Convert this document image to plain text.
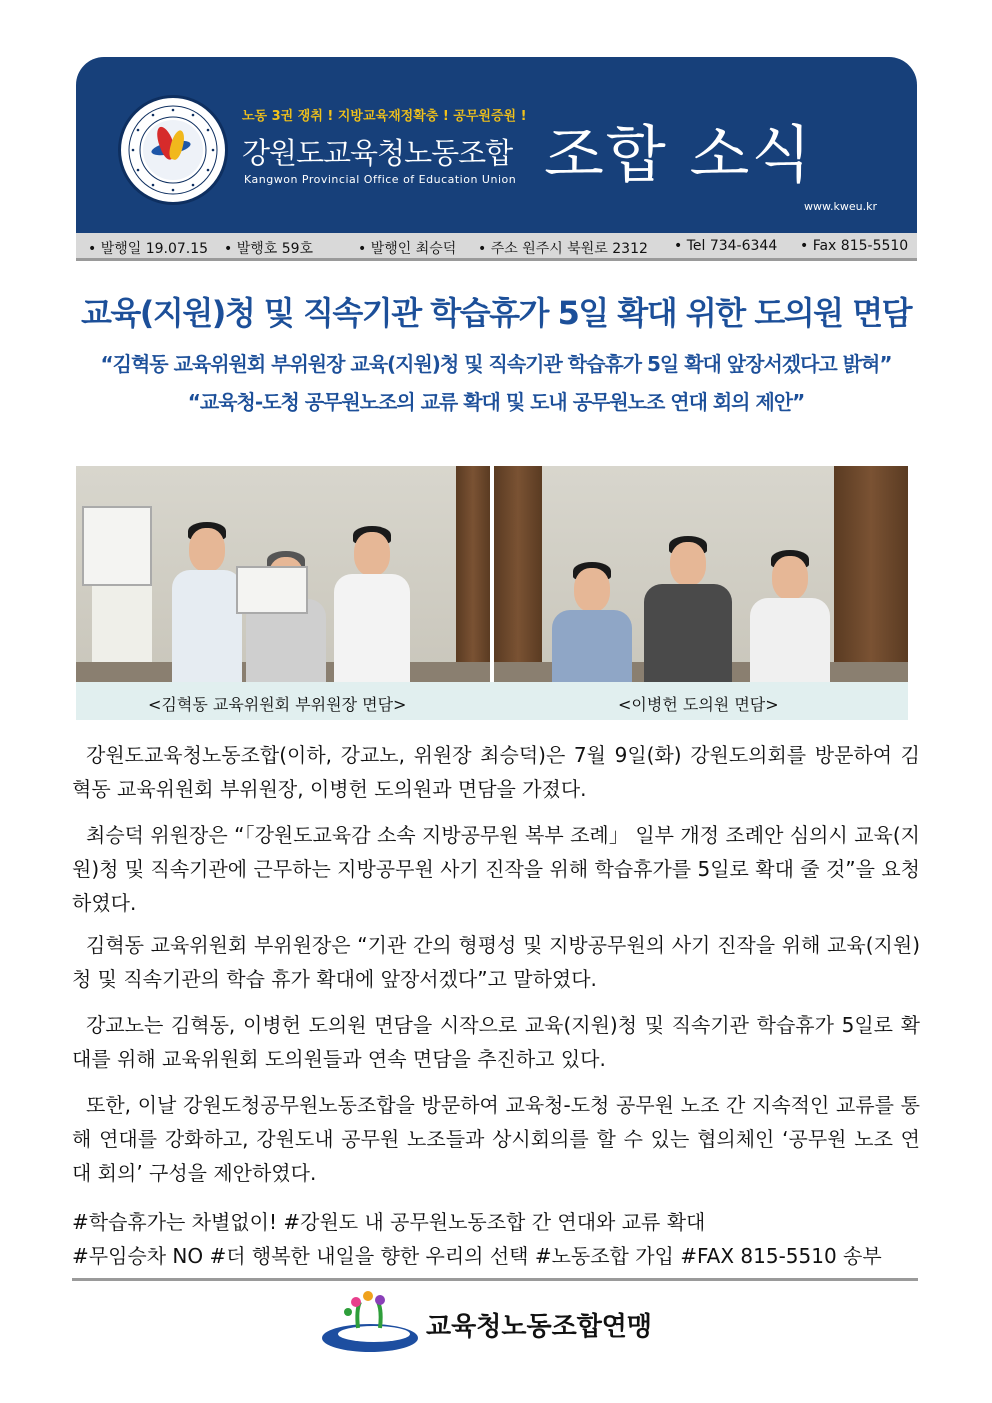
노동 3권 쟁취 ! 지방교육재정확충 ! 공무원증원 !
강원도교육청노동조합
Kangwon Provincial Office of Education Union 조합 소식
www.kweu.kr
• 발행일 19.07.15 • 발행호 59호	• 발행인 최승덕 • 주소 원주시 북원로 2312 • Tel 734-6344 • Fax 815-5510
교육(지원)청 및 직속기관 학습휴가 5일 확대 위한 도의원 면담
“김혁동 교육위원회 부위원장 교육(지원)청 및 직속기관 학습휴가 5일 확대 앞장서겠다고 밝혀”
“교육청-도청 공무원노조의 교류 확대 및 도내 공무원노조 연대 회의 제안”
<김혁동 교육위원회 부위원장 면담>	<이병헌 도의원 면담>
강원도교육청노동조합(이하, 강교노, 위원장 최승덕)은 7월 9일(화) 강원도의회를 방문하여 김혁동 교육위원회 부위원장, 이병헌 도의원과 면담을 가졌다.
최승덕 위원장은 “「강원도교육감 소속 지방공무원 복부 조례」 일부 개정 조례안 심의시 교육(지원)청 및 직속기관에 근무하는 지방공무원 사기 진작을 위해 학습휴가를 5일로 확대 줄 것”을 요청하였다.
김혁동 교육위원회 부위원장은 “기관 간의 형평성 및 지방공무원의 사기 진작을 위해 교육(지원)청 및 직속기관의 학습 휴가 확대에 앞장서겠다”고 말하였다.
강교노는 김혁동, 이병헌 도의원 면담을 시작으로 교육(지원)청 및 직속기관 학습휴가 5일로 확대를 위해 교육위원회 도의원들과 연속 면담을 추진하고 있다.
또한, 이날 강원도청공무원노동조합을 방문하여 교육청-도청 공무원 노조 간 지속적인 교류를 통해 연대를 강화하고, 강원도내 공무원 노조들과 상시회의를 할 수 있는 협의체인 ‘공무원 노조 연대 회의’ 구성을 제안하였다.
#학습휴가는 차별없이! #강원도 내 공무원노동조합 간 연대와 교류 확대
#무임승차 NO #더 행복한 내일을 향한 우리의 선택 #노동조합 가입 #FAX 815-5510 송부
교육청노동조합연맹
